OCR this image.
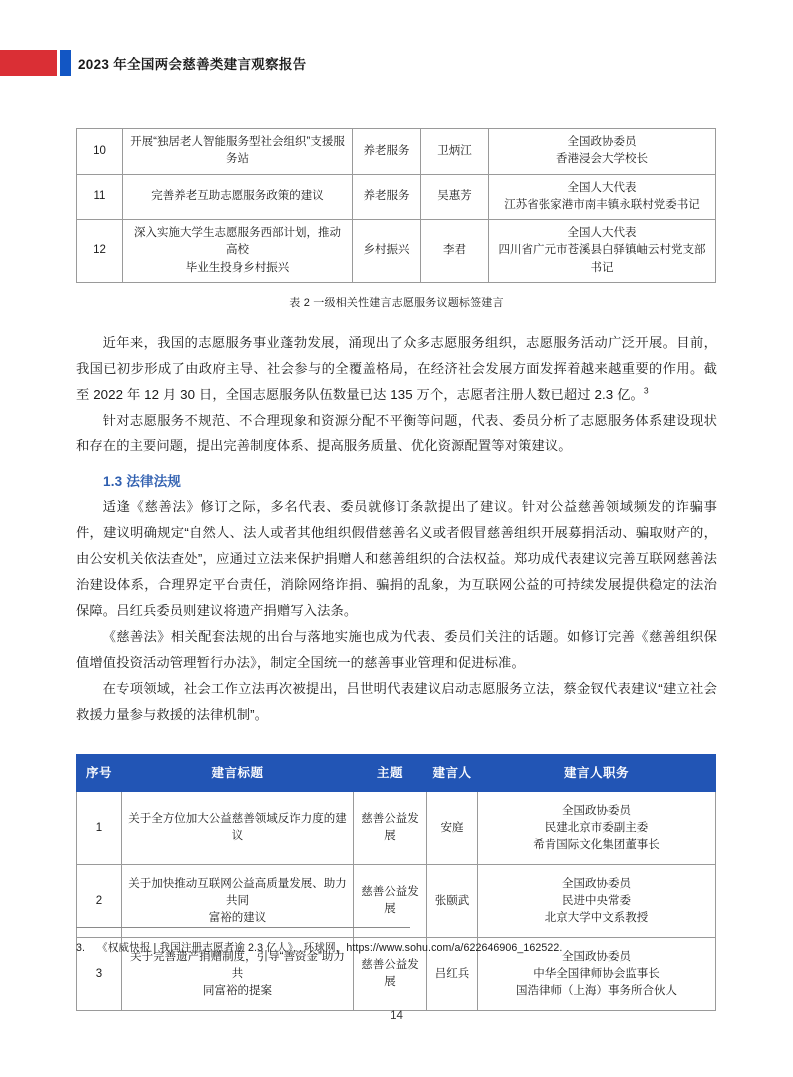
2023 年全国两会慈善类建言观察报告
10	开展“独居老人智能服务型社会组织”支援服
务站	养老服务	卫炳江	全国政协委员
香港浸会大学校长

11	完善养老互助志愿服务政策的建议	养老服务	吴惠芳	全国人大代表
江苏省张家港市南丰镇永联村党委书记

12	深入实施大学生志愿服务西部计划，推动高校
毕业生投身乡村振兴	乡村振兴	李君	全国人大代表
四川省广元市苍溪县白驿镇岫云村党支部书记
表 2 一级相关性建言志愿服务议题标签建言

近年来，我国的志愿服务事业蓬勃发展，涌现出了众多志愿服务组织，志愿服务活动广泛开展。目前，我国已初步形成了由政府主导、社会参与的全覆盖格局，在经济社会发展方面发挥着越来越重要的作用。截至 2022 年 12 月 30 日，全国志愿服务队伍数量已达 135 万个，志愿者注册人数已超过 2.3 亿。$^3$

针对志愿服务不规范、不合理现象和资源分配不平衡等问题，代表、委员分析了志愿服务体系建设现状和存在的主要问题，提出完善制度体系、提高服务质量、优化资源配置等对策建议。

1.3 法律法规

适逢《慈善法》修订之际，多名代表、委员就修订条款提出了建议。针对公益慈善领域频发的诈骗事件，建议明确规定“自然人、法人或者其他组织假借慈善名义或者假冒慈善组织开展募捐活动、骗取财产的，由公安机关依法查处”，应通过立法来保护捐赠人和慈善组织的合法权益。郑功成代表建议完善互联网慈善法治建设体系，合理界定平台责任，消除网络诈捐、骗捐的乱象，为互联网公益的可持续发展提供稳定的法治保障。吕红兵委员则建议将遗产捐赠写入法条。

《慈善法》相关配套法规的出台与落地实施也成为代表、委员们关注的话题。如修订完善《慈善组织保值增值投资活动管理暂行办法》，制定全国统一的慈善事业管理和促进标准。

在专项领域，社会工作立法再次被提出，吕世明代表建议启动志愿服务立法，蔡金钗代表建议“建立社会救援力量参与救援的法律机制”。

序号	建言标题	主题	建言人	建言人职务
1	关于全方位加大公益慈善领域反诈力度的建议	慈善公益发展	安庭	全国政协委员
民建北京市委副主委
希肯国际文化集团董事长

2	关于加快推动互联网公益高质量发展、助力共同
富裕的建议	慈善公益发展	张颐武	全国政协委员
民进中央常委
北京大学中文系教授

3	关于完善遗产捐赠制度，引导“善资金”助力共
同富裕的提案	慈善公益发展	吕红兵	全国政协委员
中华全国律师协会监事长
国浩律师（上海）事务所合伙人
3. 《权威快报 | 我国注册志愿者逾 2.3 亿人》，环球网，https://www.sohu.com/a/622646906_162522.
14
